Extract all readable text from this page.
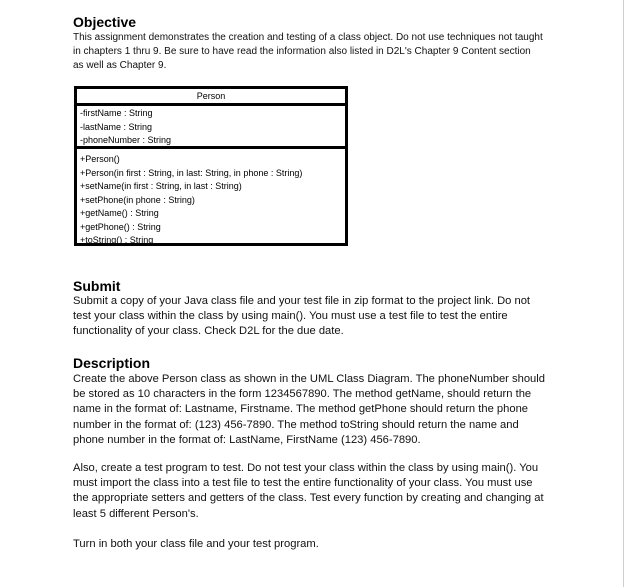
Objective
This assignment demonstrates the creation and testing of a class object. Do not use techniques not taught in chapters 1 thru 9. Be sure to have read the information also listed in D2L's Chapter 9 Content section as well as Chapter 9.
Person
-firstName : String
-lastName : String
-phoneNumber : String
+Person()
+Person(in first : String, in last: String, in phone : String)
+setName(in first : String, in last : String)
+setPhone(in phone : String)
+getName() : String
+getPhone() : String
+toString() : String
Submit
Submit a copy of your Java class file and your test file in zip format to the project link. Do not test your class within the class by using main(). You must use a test file to test the entire functionality of your class. Check D2L for the due date.
Description
Create the above Person class as shown in the UML Class Diagram. The phoneNumber should be stored as 10 characters in the form 1234567890. The method getName, should return the name in the format of: Lastname, Firstname. The method getPhone should return the phone number in the format of: (123) 456-7890. The method toString should return the name and phone number in the format of: LastName, FirstName (123) 456-7890.
Also, create a test program to test. Do not test your class within the class by using main(). You must import the class into a test file to test the entire functionality of your class. You must use the appropriate setters and getters of the class. Test every function by creating and changing at least 5 different Person's.
Turn in both your class file and your test program.
